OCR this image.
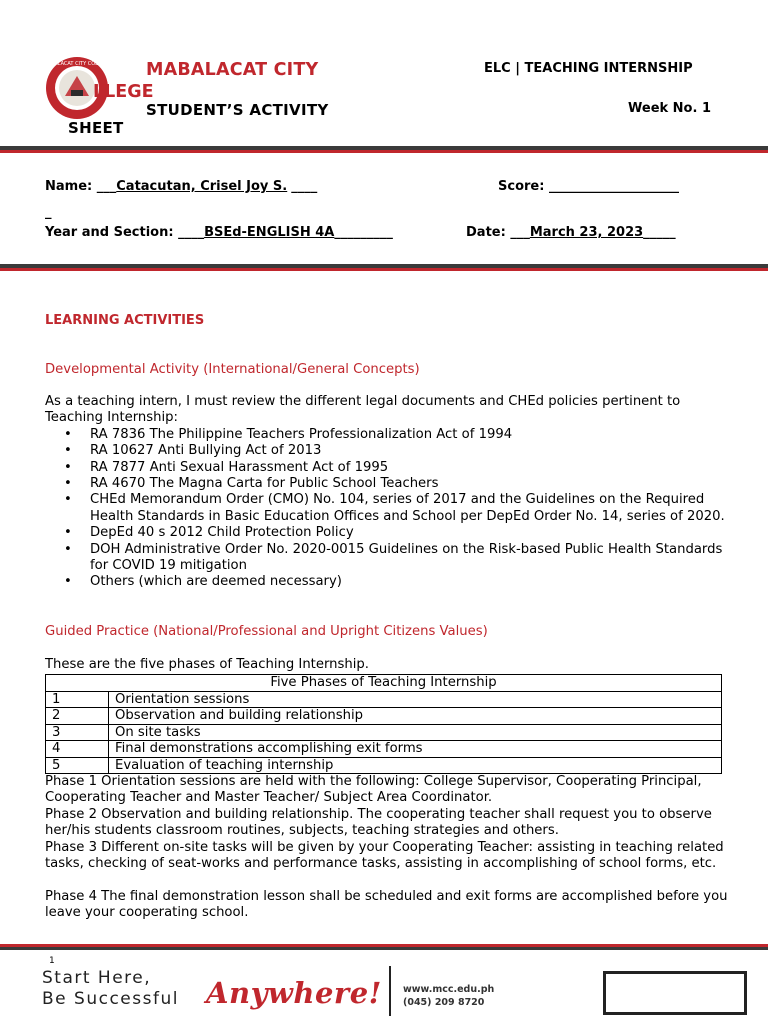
MABALACAT CITY COLLEGE MABALACAT CITY
LLEGE
ELC | TEACHING INTERNSHIP
STUDENT’S ACTIVITY
SHEET
Week No. 1
Name: ___Catacutan, Crisel Joy S. ____
_
Score: ____________________
Year and Section: ____BSEd-ENGLISH 4A_________	Date: ___March 23, 2023_____
LEARNING ACTIVITIES
Developmental Activity (International/General Concepts)
As a teaching intern, I must review the different legal documents and CHEd policies pertinent to Teaching Internship:
• RA 7836 The Philippine Teachers Professionalization Act of 1994
• RA 10627 Anti Bullying Act of 2013
• RA 7877 Anti Sexual Harassment Act of 1995
• RA 4670 The Magna Carta for Public School Teachers
• CHEd Memorandum Order (CMO) No. 104, series of 2017 and the Guidelines on the Required Health Standards in Basic Education Offices and School per DepEd Order No. 14, series of 2020.
• DepEd 40 s 2012 Child Protection Policy
• DOH Administrative Order No. 2020-0015 Guidelines on the Risk-based Public Health Standards for COVID 19 mitigation
• Others (which are deemed necessary)
Guided Practice (National/Professional and Upright Citizens Values)
These are the five phases of Teaching Internship.
Five Phases of Teaching Internship	
1	Orientation sessions
2	Observation and building relationship
3	On site tasks
4	Final demonstrations accomplishing exit forms
5	Evaluation of teaching internship
Phase 1 Orientation sessions are held with the following: College Supervisor, Cooperating Principal, Cooperating Teacher and Master Teacher/ Subject Area Coordinator.
Phase 2 Observation and building relationship. The cooperating teacher shall request you to observe her/his students classroom routines, subjects, teaching strategies and others.
Phase 3 Different on-site tasks will be given by your Cooperating Teacher: assisting in teaching related tasks, checking of seat-works and performance tasks, assisting in accomplishing of school forms, etc.
Phase 4 The final demonstration lesson shall be scheduled and exit forms are accomplished before you leave your cooperating school.
1
Start Here,
Be Successful Anywhere! www.mcc.edu.ph
(045) 209 8720
